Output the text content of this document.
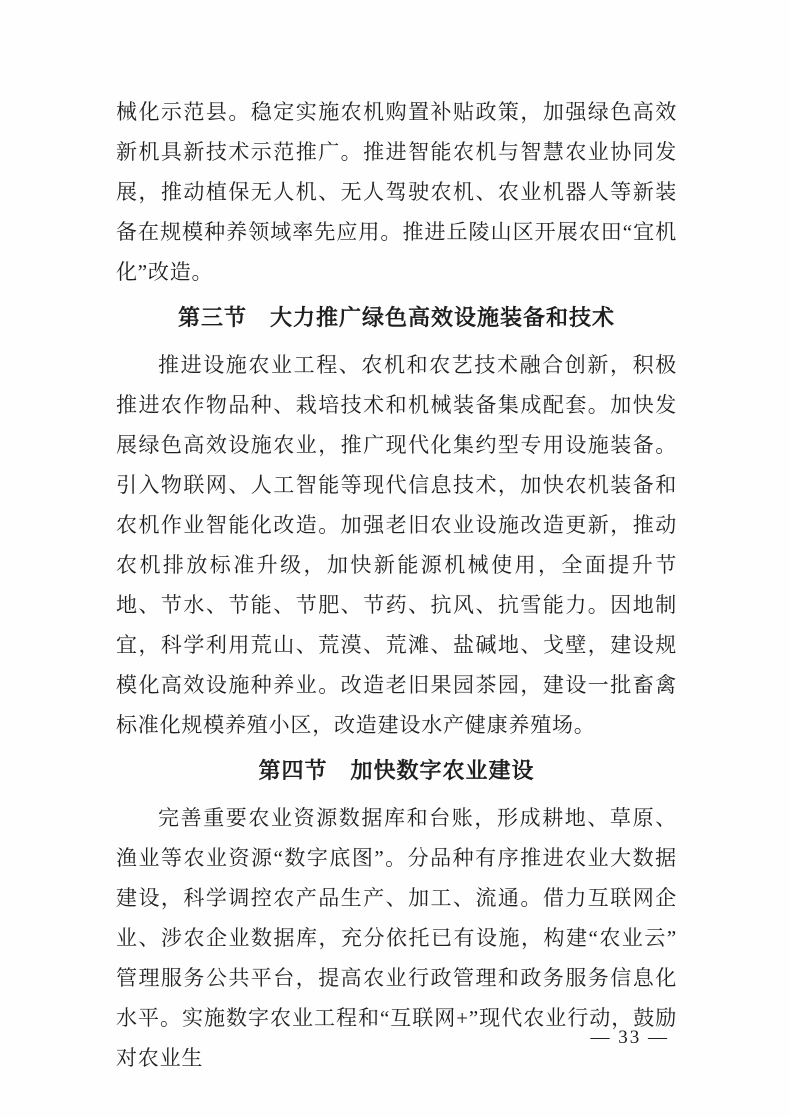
械化示范县。稳定实施农机购置补贴政策，加强绿色高效新机具新技术示范推广。推进智能农机与智慧农业协同发展，推动植保无人机、无人驾驶农机、农业机器人等新装备在规模种养领域率先应用。推进丘陵山区开展农田“宜机化”改造。

第三节　大力推广绿色高效设施装备和技术

推进设施农业工程、农机和农艺技术融合创新，积极推进农作物品种、栽培技术和机械装备集成配套。加快发展绿色高效设施农业，推广现代化集约型专用设施装备。引入物联网、人工智能等现代信息技术，加快农机装备和农机作业智能化改造。加强老旧农业设施改造更新，推动农机排放标准升级，加快新能源机械使用，全面提升节地、节水、节能、节肥、节药、抗风、抗雪能力。因地制宜，科学利用荒山、荒漠、荒滩、盐碱地、戈壁，建设规模化高效设施种养业。改造老旧果园茶园，建设一批畜禽标准化规模养殖小区，改造建设水产健康养殖场。

第四节　加快数字农业建设

完善重要农业资源数据库和台账，形成耕地、草原、渔业等农业资源“数字底图”。分品种有序推进农业大数据建设，科学调控农产品生产、加工、流通。借力互联网企业、涉农企业数据库，充分依托已有设施，构建“农业云”管理服务公共平台，提高农业行政管理和政务服务信息化水平。实施数字农业工程和“互联网+”现代农业行动，鼓励对农业生

— 33 —
